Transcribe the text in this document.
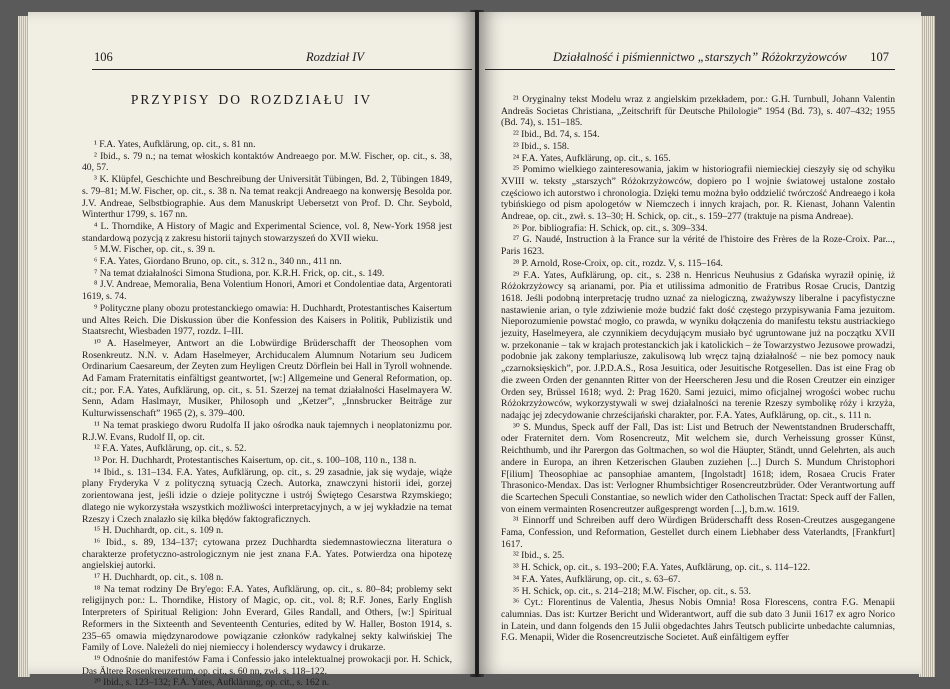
106	Rozdział IV
PRZYPISY DO ROZDZIAŁU IV

¹ F.A. Yates, Aufklärung, op. cit., s. 81 nn.

² Ibid., s. 79 n.; na temat włoskich kontaktów Andreaego por. M.W. Fischer, op. cit., s. 38, 40, 57.

³ K. Klüpfel, Geschichte und Beschreibung der Universität Tübingen, Bd. 2, Tübingen 1849, s. 79–81; M.W. Fischer, op. cit., s. 38 n. Na temat reakcji Andreaego na konwersję Besolda por. J.V. Andreae, Selbstbiographie. Aus dem Manuskript Uebersetzt von Prof. D. Chr. Seybold, Winterthur 1799, s. 167 nn.

⁴ L. Thorndike, A History of Magic and Experimental Science, vol. 8, New-York 1958 jest standardową pozycją z zakresu historii tajnych stowarzyszeń do XVII wieku.

⁵ M.W. Fischer, op. cit., s. 39 n.

⁶ F.A. Yates, Giordano Bruno, op. cit., s. 312 n., 340 nn., 411 nn.

⁷ Na temat działalności Simona Studiona, por. K.R.H. Frick, op. cit., s. 149.

⁸ J.V. Andreae, Memoralia, Bena Volentium Honori, Amori et Condolentiae data, Argentorati 1619, s. 74.

⁹ Polityczne plany obozu protestanckiego omawia: H. Duchhardt, Protestantisches Kaisertum und Altes Reich. Die Diskussion über die Konfession des Kaisers in Politik, Publizistik und Staatsrecht, Wiesbaden 1977, rozdz. I–III.

¹⁰ A. Haselmeyer, Antwort an die Lobwürdige Brüderschafft der Theosophen vom Rosenkreutz. N.N. v. Adam Haselmeyer, Archiducalem Alumnum Notarium seu Judicem Ordinarium Caesareum, der Zeyten zum Heyligen Creutz Dörflein bei Hall in Tyroll wohnende. Ad Famam Fraternitatis einfältigst geantwortet, [w:] Allgemeine und General Reformation, op. cit.; por. F.A. Yates, Aufklärung, op. cit., s. 51. Szerzej na temat działalności Haselmayera W. Senn, Adam Haslmayr, Musiker, Philosoph und „Ketzer”, „Innsbrucker Beiträge zur Kulturwissenschaft” 1965 (2), s. 379–400.

¹¹ Na temat praskiego dworu Rudolfa II jako ośrodka nauk tajemnych i neoplatonizmu por. R.J.W. Evans, Rudolf II, op. cit.

¹² F.A. Yates, Aufklärung, op. cit., s. 52.

¹³ Por. H. Duchhardt, Protestantisches Kaisertum, op. cit., s. 100–108, 110 n., 138 n.

¹⁴ Ibid., s. 131–134. F.A. Yates, Aufklärung, op. cit., s. 29 zasadnie, jak się wydaje, wiąże plany Fryderyka V z polityczną sytuacją Czech. Autorka, znawczyni historii idei, gorzej zorientowana jest, jeśli idzie o dzieje polityczne i ustrój Świętego Cesarstwa Rzymskiego; dlatego nie wykorzystała wszystkich możliwości interpretacyjnych, a w jej wykładzie na temat Rzeszy i Czech znalazło się kilka błędów faktograficznych.

¹⁵ H. Duchhardt, op. cit., s. 109 n.

¹⁶ Ibid., s. 89, 134–137; cytowana przez Duchhardta siedemnastowieczna literatura o charakterze profetyczno-astrologicznym nie jest znana F.A. Yates. Potwierdza ona hipotezę angielskiej autorki.

¹⁷ H. Duchhardt, op. cit., s. 108 n.

¹⁸ Na temat rodziny De Bry'ego: F.A. Yates, Aufklärung, op. cit., s. 80–84; problemy sekt religijnych por.: L. Thorndike, History of Magic, op. cit., vol. 8; R.F. Jones, Early English Interpreters of Spiritual Religion: John Everard, Giles Randall, and Others, [w:] Spiritual Reformers in the Sixteenth and Seventeenth Centuries, edited by W. Haller, Boston 1914, s. 235–65 omawia międzynarodowe powiązanie członków radykalnej sekty kalwińskiej The Family of Love. Należeli do niej niemieccy i holenderscy wydawcy i drukarze.

¹⁹ Odnośnie do manifestów Fama i Confessio jako intelektualnej prowokacji por. H. Schick, Das Ältere Rosenkreuzertum, op. cit., s. 60 nn, zwł. s. 118–122.

²⁰ Ibid., s. 123–132; F.A. Yates, Aufklärung, op. cit., s. 162 n.

Działalność i piśmiennictwo „starszych” Różokrzyżowców 107

²¹ Oryginalny tekst Modelu wraz z angielskim przekładem, por.: G.H. Turnbull, Johann Valentin Andreäs Societas Christiana, „Zeitschrift für Deutsche Philologie” 1954 (Bd. 73), s. 407–432; 1955 (Bd. 74), s. 151–185.

²² Ibid., Bd. 74, s. 154.

²³ Ibid., s. 158.

²⁴ F.A. Yates, Aufklärung, op. cit., s. 165.

²⁵ Pomimo wielkiego zainteresowania, jakim w historiografii niemieckiej cieszyły się od schyłku XVIII w. teksty „starszych” Różokrzyżowców, dopiero po I wojnie światowej ustalone zostało częściowo ich autorstwo i chronologia. Dzięki temu można było oddzielić twórczość Andreaego i koła tybińskiego od pism apologetów w Niemczech i innych krajach, por. R. Kienast, Johann Valentin Andreae, op. cit., zwł. s. 13–30; H. Schick, op. cit., s. 159–277 (traktuje na pisma Andreae).

²⁶ Por. bibliografia: H. Schick, op. cit., s. 309–334.

²⁷ G. Naudé, Instruction à la France sur la vérité de l'histoire des Frères de la Roze-Croix. Par..., Paris 1623.

²⁸ P. Arnold, Rose-Croix, op. cit., rozdz. V, s. 115–164.

²⁹ F.A. Yates, Aufklärung, op. cit., s. 238 n. Henricus Neuhusius z Gdańska wyraził opinię, iż Różokrzyżowcy są arianami, por. Pia et utilissima admonitio de Fratribus Rosae Crucis, Dantzig 1618. Jeśli podobną interpretację trudno uznać za nielogiczną, zważywszy liberalne i pacyfistyczne nastawienie arian, o tyle zdziwienie może budzić fakt dość częstego przypisywania Fama jezuitom. Nieporozumienie powstać mogło, co prawda, w wyniku dołączenia do manifestu tekstu austriackiego jezuity, Haselmeyera, ale czynnikiem decydującym musiało być ugruntowane już na początku XVII w. przekonanie – tak w krajach protestanckich jak i katolickich – że Towarzystwo Jezusowe prowadzi, podobnie jak zakony templariusze, zakulisową lub wręcz tajną działalność – nie bez pomocy nauk „czarnoksięskich”, por. J.P.D.A.S., Rosa Jesuitica, oder Jesuitische Rotgesellen. Das ist eine Frag ob die zween Orden der genannten Ritter von der Heerscheren Jesu und die Rosen Creutzer ein einziger Orden sey, Brüssel 1618; wyd. 2: Prag 1620. Sami jezuici, mimo oficjalnej wrogości wobec ruchu Różokrzyżowców, wykorzystywali w swej działalności na terenie Rzeszy symbolikę róży i krzyża, nadając jej zdecydowanie chrześcijański charakter, por. F.A. Yates, Aufklärung, op. cit., s. 111 n.

³⁰ S. Mundus, Speck auff der Fall, Das ist: List und Betruch der Newentstandnen Bruderschafft, oder Fraternitet dern. Vom Rosencreutz, Mit welchem sie, durch Verheissung grosser Künst, Reichthumb, und ihr Parergon das Goltmachen, so wol die Häupter, Ständt, unnd Gelehrten, als auch andere in Europa, an ihren Ketzerischen Glauben zuziehen [...] Durch S. Mundum Christophori F[ilium] Theosophiae ac pansophiae amantem, [Ingolstadt] 1618; idem, Rosaea Crucis Frater Thrasonico-Mendax. Das ist: Verlogner Rhumbsichtiger Rosencreutzbrüder. Oder Verantwortung auff die Scartechen Speculi Constantiae, so newlich wider den Catholischen Tractat: Speck auff der Fallen, von einem vermainten Rosencreutzer außgesprengt worden [...], b.m.w. 1619.

³¹ Einnorff und Schreiben auff dero Würdigen Brüderschafft dess Rosen-Creutzes ausgegangene Fama, Confession, und Reformation, Gestellet durch einem Liebhaber dess Vaterlandts, [Frankfurt] 1617.

³² Ibid., s. 25.

³³ H. Schick, op. cit., s. 193–200; F.A. Yates, Aufklärung, op. cit., s. 114–122.

³⁴ F.A. Yates, Aufklärung, op. cit., s. 63–67.

³⁵ H. Schick, op. cit., s. 214–218; M.W. Fischer, op. cit., s. 53.

³⁶ Cyt.: Florentinus de Valentia, Jhesus Nobis Omnia! Rosa Florescens, contra F.G. Menapii calumnias. Das ist: Kurtzer Bericht und Widerantwort, auff die sub dato 3 Junii 1617 ex agro Norico in Latein, und dann folgends den 15 Julii obgedachtes Jahrs Teutsch publicirte unbedachte calumnias, F.G. Menapii, Wider die Rosencreutzische Societet. Auß einfältigem eyffer
